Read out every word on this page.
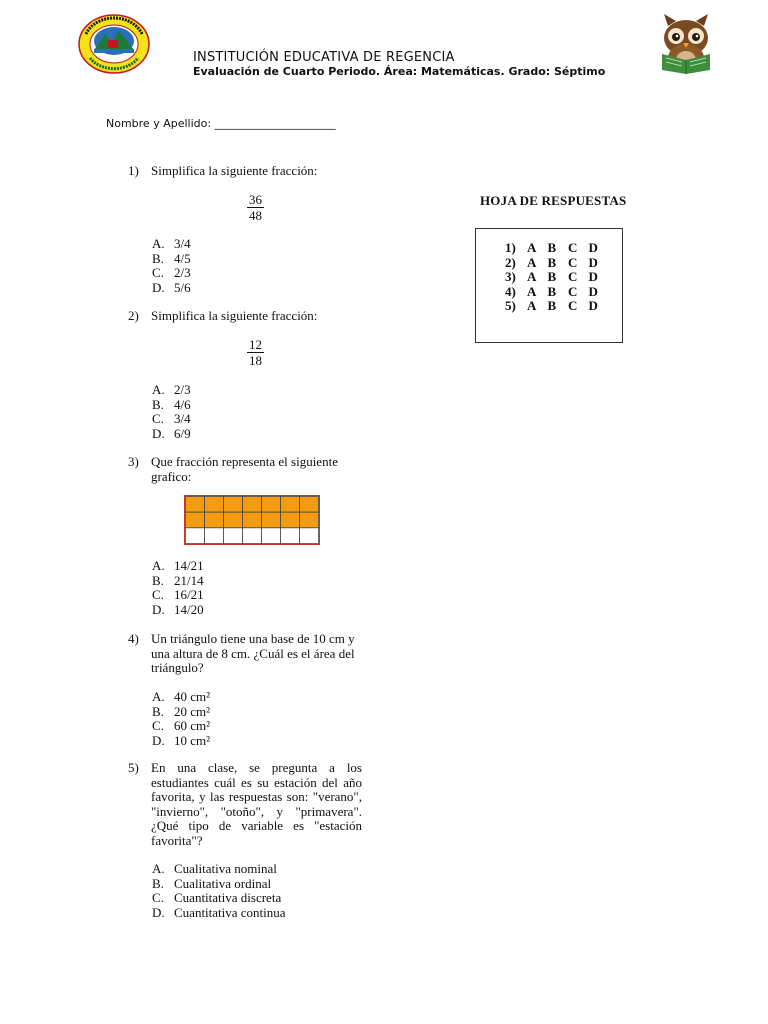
INSTITUCIÓN EDUCATIVA DE REGENCIA
Evaluación de Cuarto Periodo. Área: Matemáticas. Grado: Séptimo
Nombre y Apellido: ______________________
1) Simplifica la siguiente fracción:
$\frac{36}{48}$
A. 3/4
B. 4/5
C. 2/3
D. 5/6
2) Simplifica la siguiente fracción:
$\frac{12}{18}$
A. 2/3
B. 4/6
C. 3/4
D. 6/9
3) Que fracción representa el siguiente grafico:
A. 14/21
B. 21/14
C. 16/21
D. 14/20
4) Un triángulo tiene una base de 10 cm y una altura de 8 cm. ¿Cuál es el área del triángulo?
A. 40 cm²
B. 20 cm²
C. 60 cm²
D. 10 cm²
5) En una clase, se pregunta a los estudiantes cuál es su estación del año favorita, y las respuestas son: "verano", "invierno", "otoño", y "primavera". ¿Qué tipo de variable es "estación favorita"?
A. Cualitativa nominal
B. Cualitativa ordinal
C. Cuantitativa discreta
D. Cuantitativa continua
HOJA DE RESPUESTAS
1) A B C D
2) A B C D
3) A B C D
4) A B C D
5) A B C D
